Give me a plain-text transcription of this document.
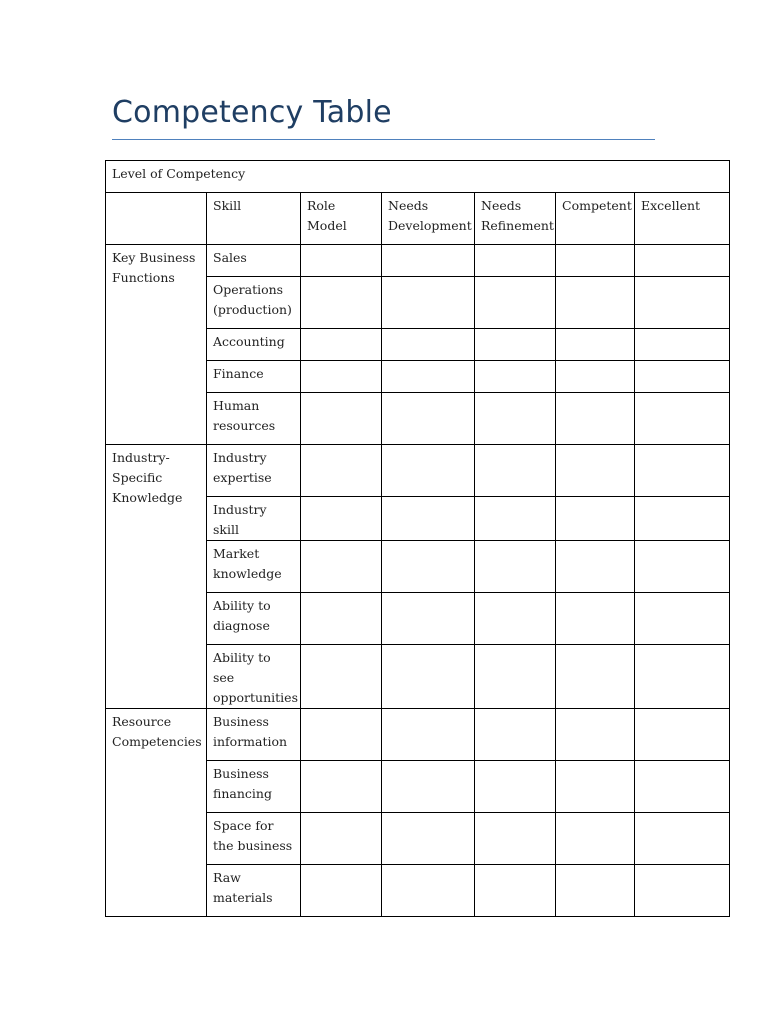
Competency Table
Level of Competency						
	Skill	Role Model	Needs Development	Needs Refinement	Competent	Excellent
Key Business Functions	Sales					
	Operations (production)					
	Accounting					
	Finance					
	Human resources					
Industry-Specific Knowledge	Industry expertise					
	Industry skill					
	Market knowledge					
	Ability to diagnose					
	Ability to see opportunities					
Resource Competencies	Business information					
	Business financing					
	Space for the business					
	Raw materials					
